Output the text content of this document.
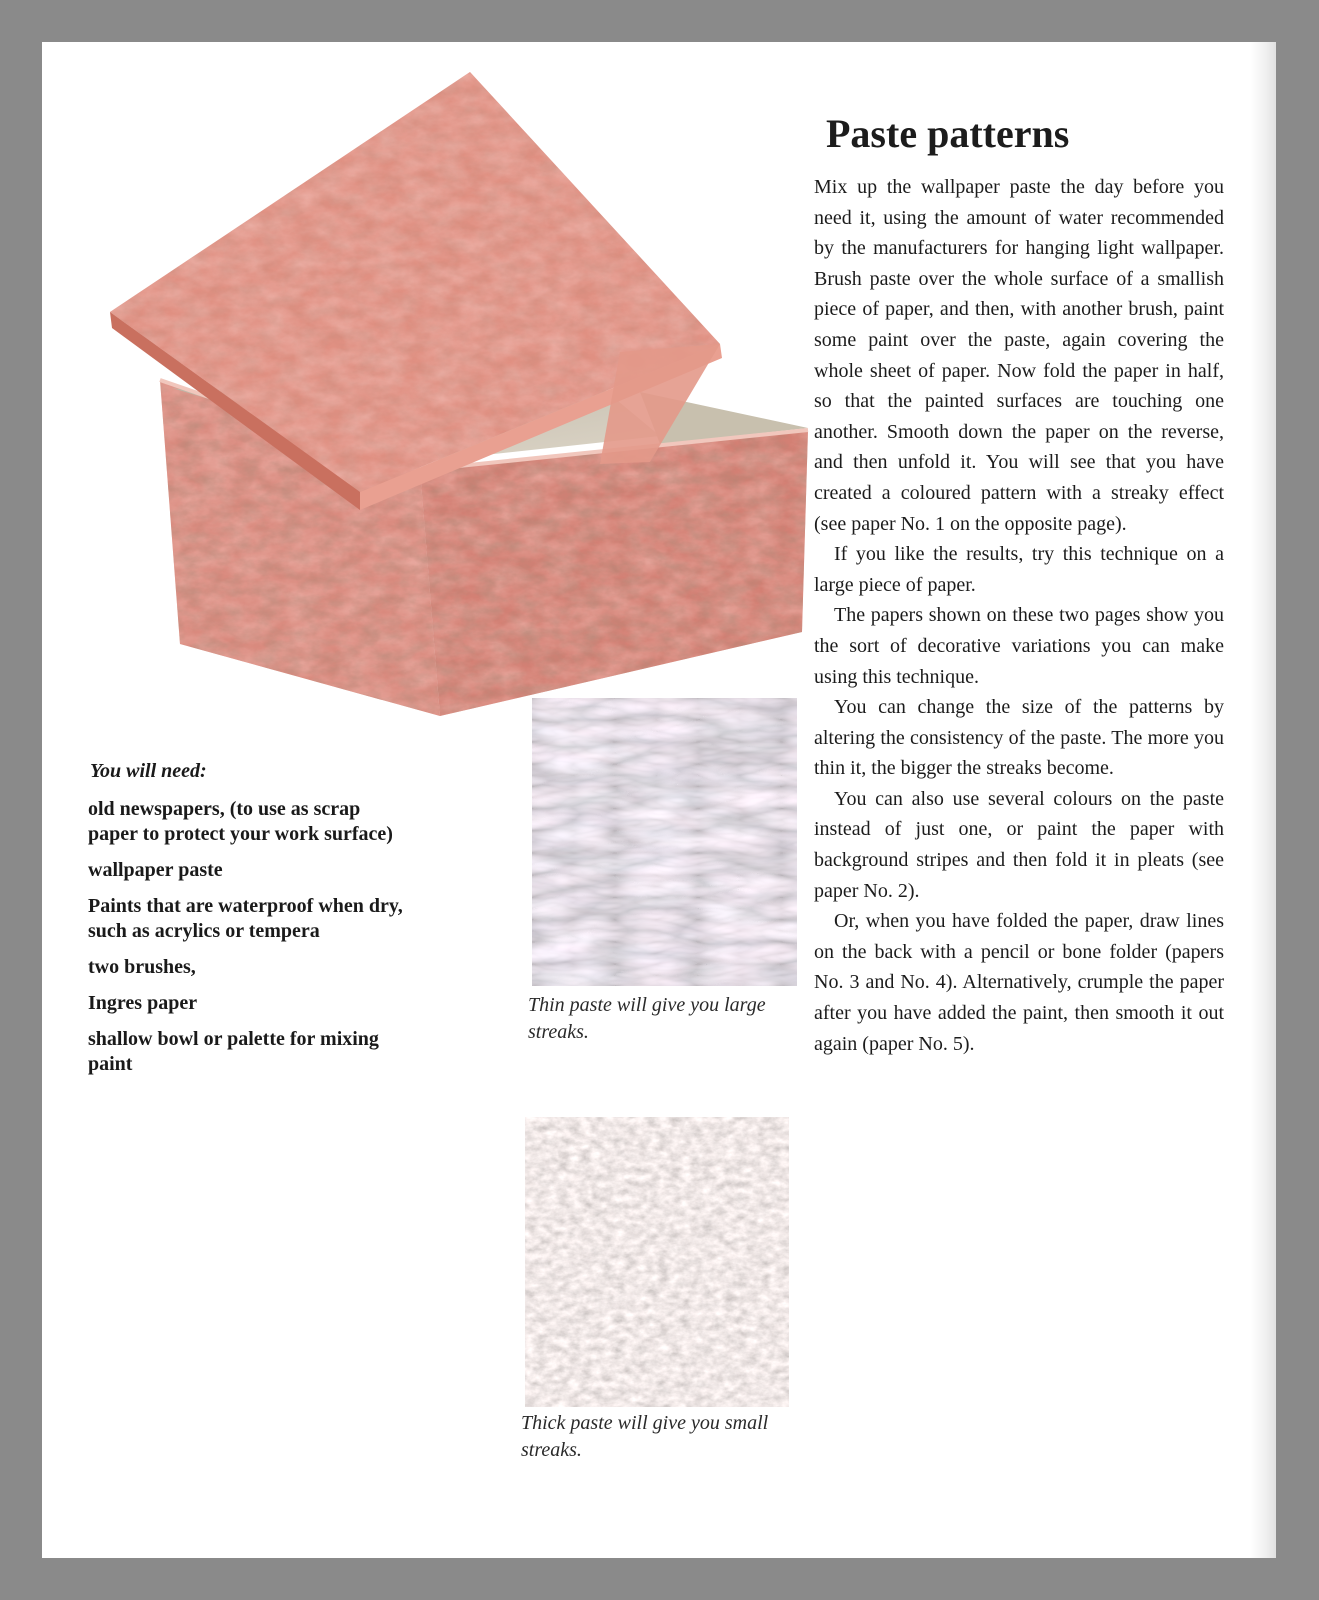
You will need:
old newspapers, (to use as scrap paper to protect your work surface)
wallpaper paste
Paints that are waterproof when dry, such as acrylics or tempera
two brushes,
Ingres paper
shallow bowl or palette for mixing paint
Thin paste will give you large streaks.
Thick paste will give you small streaks.
Paste patterns

Mix up the wallpaper paste the day before you need it, using the amount of water recommended by the manufacturers for hanging light wallpaper. Brush paste over the whole surface of a smallish piece of paper, and then, with another brush, paint some paint over the paste, again covering the whole sheet of paper. Now fold the paper in half, so that the painted surfaces are touching one another. Smooth down the paper on the reverse, and then unfold it. You will see that you have created a coloured pattern with a streaky effect (see paper No. 1 on the opposite page).

If you like the results, try this technique on a large piece of paper.

The papers shown on these two pages show you the sort of decorative variations you can make using this technique.

You can change the size of the patterns by altering the consistency of the paste. The more you thin it, the bigger the streaks become.

You can also use several colours on the paste instead of just one, or paint the paper with background stripes and then fold it in pleats (see paper No. 2).

Or, when you have folded the paper, draw lines on the back with a pencil or bone folder (papers No. 3 and No. 4). Alternatively, crumple the paper after you have added the paint, then smooth it out again (paper No. 5).
